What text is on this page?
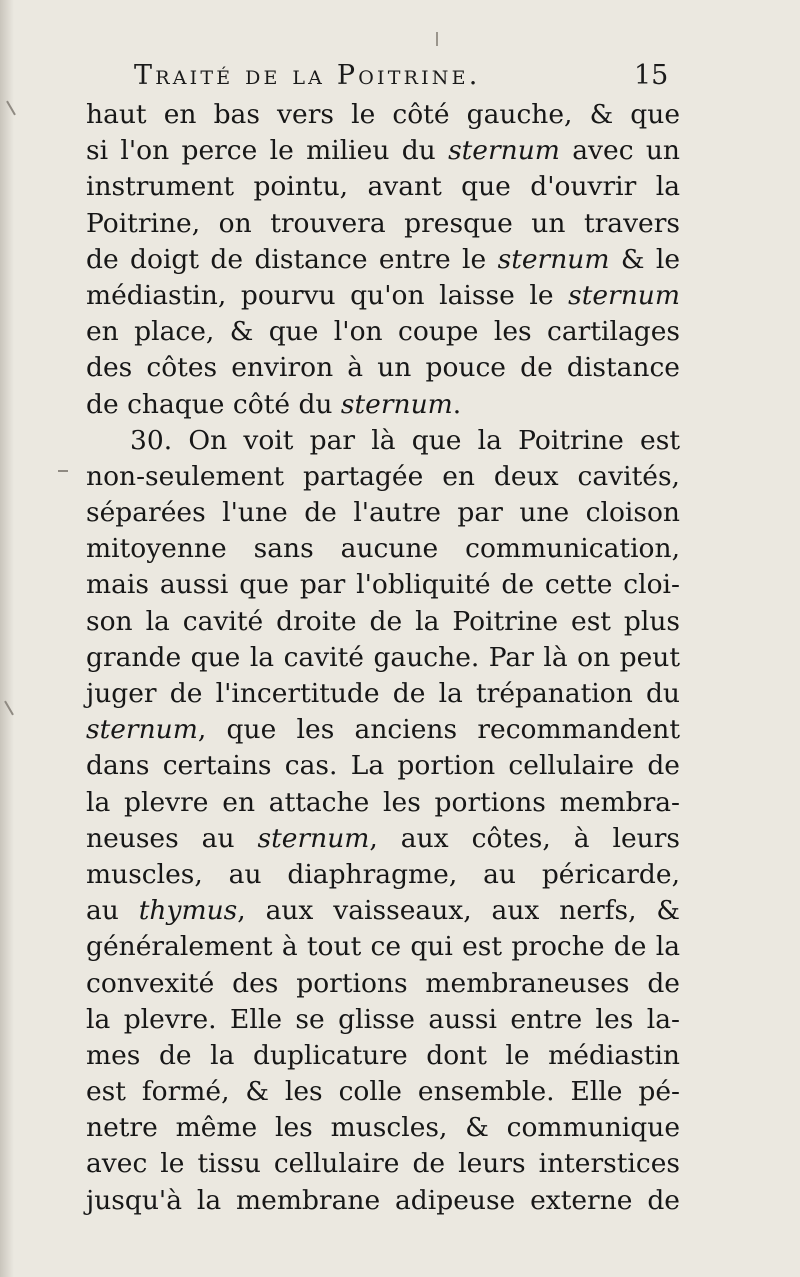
Traité de la Poitrine.	15
haut en bas vers le côté gauche, & que
si l'on perce le milieu du sternum avec un
instrument pointu, avant que d'ouvrir la
Poitrine, on trouvera presque un travers
de doigt de distance entre le sternum & le
médiastin, pourvu qu'on laisse le sternum
en place, & que l'on coupe les cartilages
des côtes environ à un pouce de distance
de chaque côté du sternum.
30. On voit par là que la Poitrine est
non-seulement partagée en deux cavités,
séparées l'une de l'autre par une cloison
mitoyenne sans aucune communication,
mais aussi que par l'obliquité de cette cloi-
son la cavité droite de la Poitrine est plus
grande que la cavité gauche. Par là on peut
juger de l'incertitude de la trépanation du
sternum, que les anciens recommandent
dans certains cas. La portion cellulaire de
la plevre en attache les portions membra-
neuses au sternum, aux côtes, à leurs
muscles, au diaphragme, au péricarde,
au thymus, aux vaisseaux, aux nerfs, &
généralement à tout ce qui est proche de la
convexité des portions membraneuses de
la plevre. Elle se glisse aussi entre les la-
mes de la duplicature dont le médiastin
est formé, & les colle ensemble. Elle pé-
netre même les muscles, & communique
avec le tissu cellulaire de leurs interstices
jusqu'à la membrane adipeuse externe de
